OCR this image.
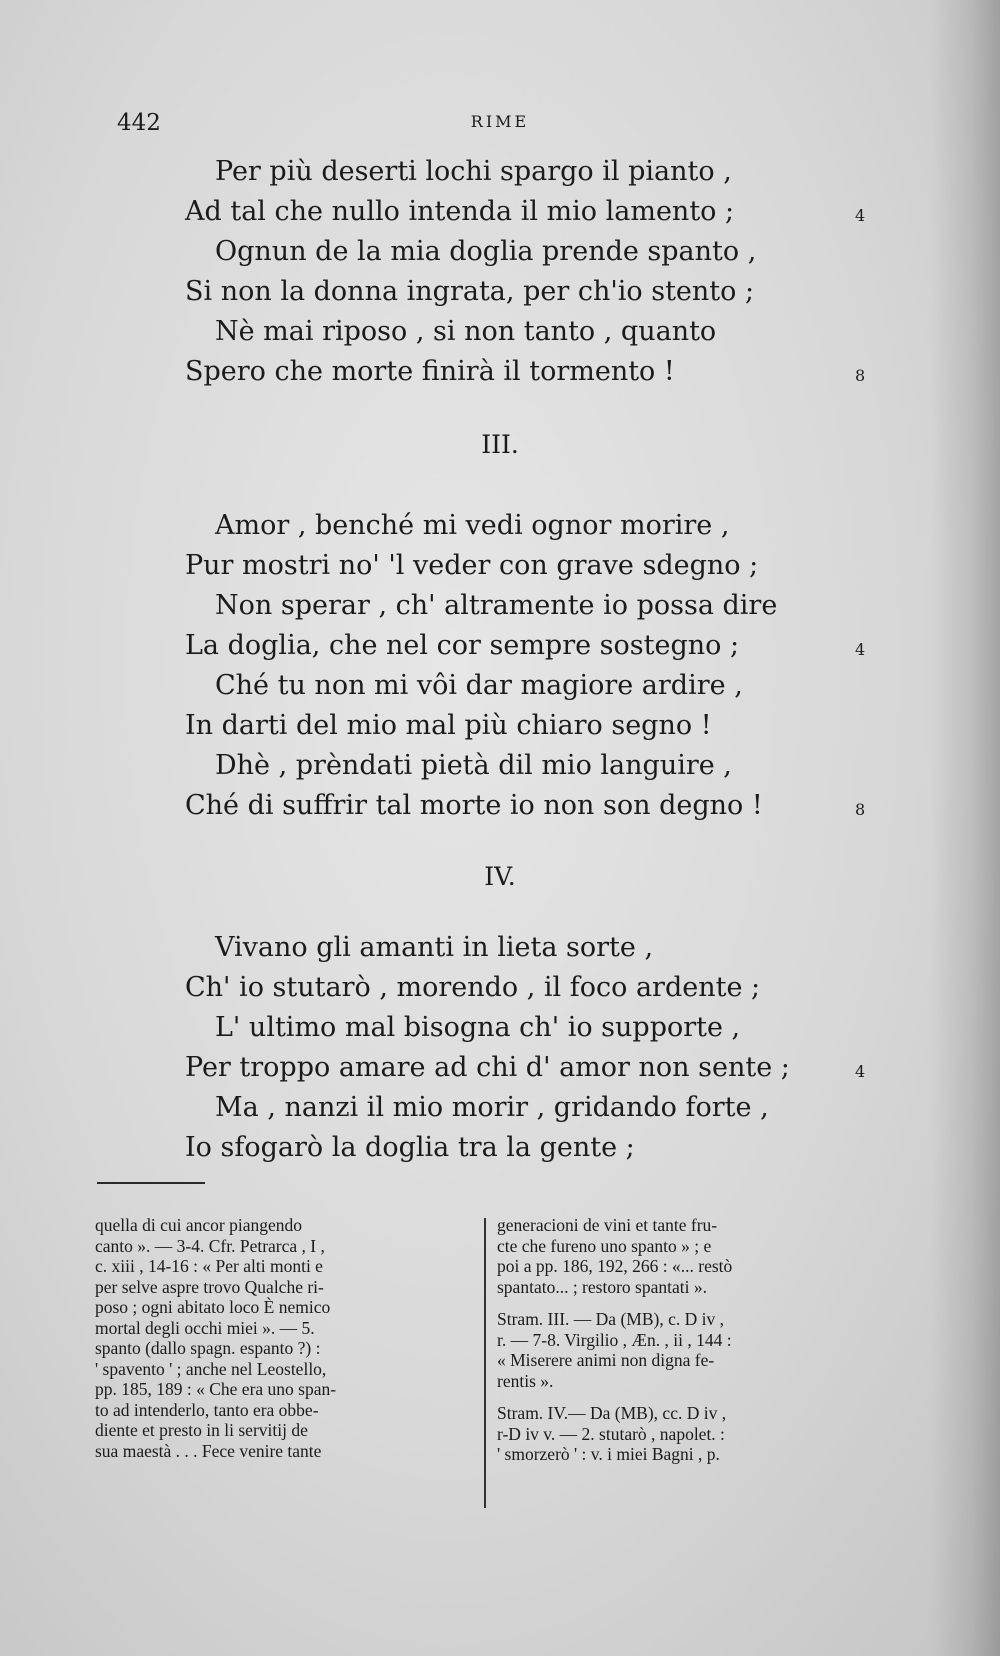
442	RIME
Per più deserti lochi spargo il pianto ,
Ad tal che nullo intenda il mio lamento ;	4
Ognun de la mia doglia prende spanto ,
Si non la donna ingrata, per ch'io stento ;
Nè mai riposo , si non tanto , quanto
Spero che morte finirà il tormento !	8
III.
Amor , benché mi vedi ognor morire ,
Pur mostri no' 'l veder con grave sdegno ;
Non sperar , ch' altramente io possa dire
La doglia, che nel cor sempre sostegno ;	4
Ché tu non mi vôi dar magiore ardire ,
In darti del mio mal più chiaro segno !
Dhè , prèndati pietà dil mio languire ,
Ché di suffrir tal morte io non son degno !	8
IV.
Vivano gli amanti in lieta sorte ,
Ch' io stutarò , morendo , il foco ardente ;
L' ultimo mal bisogna ch' io supporte ,
Per troppo amare ad chi d' amor non sente ;	4
Ma , nanzi il mio morir , gridando forte ,
Io sfogarò la doglia tra la gente ;

quella di cui ancor piangendo

canto ». — 3-4. Cfr. Petrarca , I ,

c. xiii , 14-16 : « Per alti monti e

per selve aspre trovo Qualche ri-

poso ; ogni abitato loco È nemico

mortal degli occhi miei ». — 5.

spanto (dallo spagn. espanto ?) :

' spavento ' ; anche nel Leostello,

pp. 185, 189 : « Che era uno span-

to ad intenderlo, tanto era obbe-

diente et presto in li servitij de

sua maestà . . . Fece venire tante

generacioni de vini et tante fru-

cte che fureno uno spanto » ; e

poi a pp. 186, 192, 266 : «... restò

spantato... ; restoro spantati ».

Stram. III. — Da (MB), c. D iv ,

r. — 7-8. Virgilio , Æn. , ii , 144 :

« Miserere animi non digna fe-

rentis ».

Stram. IV.— Da (MB), cc. D iv ,

r-D iv v. — 2. stutarò , napolet. :

' smorzerò ' : v. i miei Bagni , p.
